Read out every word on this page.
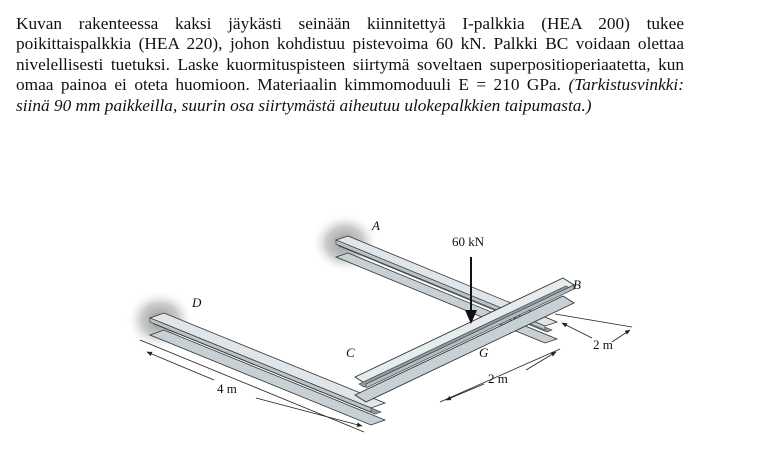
Kuvan rakenteessa kaksi jäykästi seinään kiinnitettyä I-palkkia (HEA 200) tukee poikittaispalkkia (HEA 220), johon kohdistuu pistevoima 60 kN. Palkki BC voidaan olettaa nivelellisesti tuetuksi. Laske kuormituspisteen siirtymä soveltaen superpositioperiaatetta, kun omaa painoa ei oteta huomioon. Materiaalin kimmomoduuli E = 210 GPa. (Tarkistusvinkki: siinä 90 mm paikkeilla, suurin osa siirtymästä aiheutuu ulokepalkkien taipumasta.)
A
B
C
D
G
60 kN
4 m
2 m
2 m
